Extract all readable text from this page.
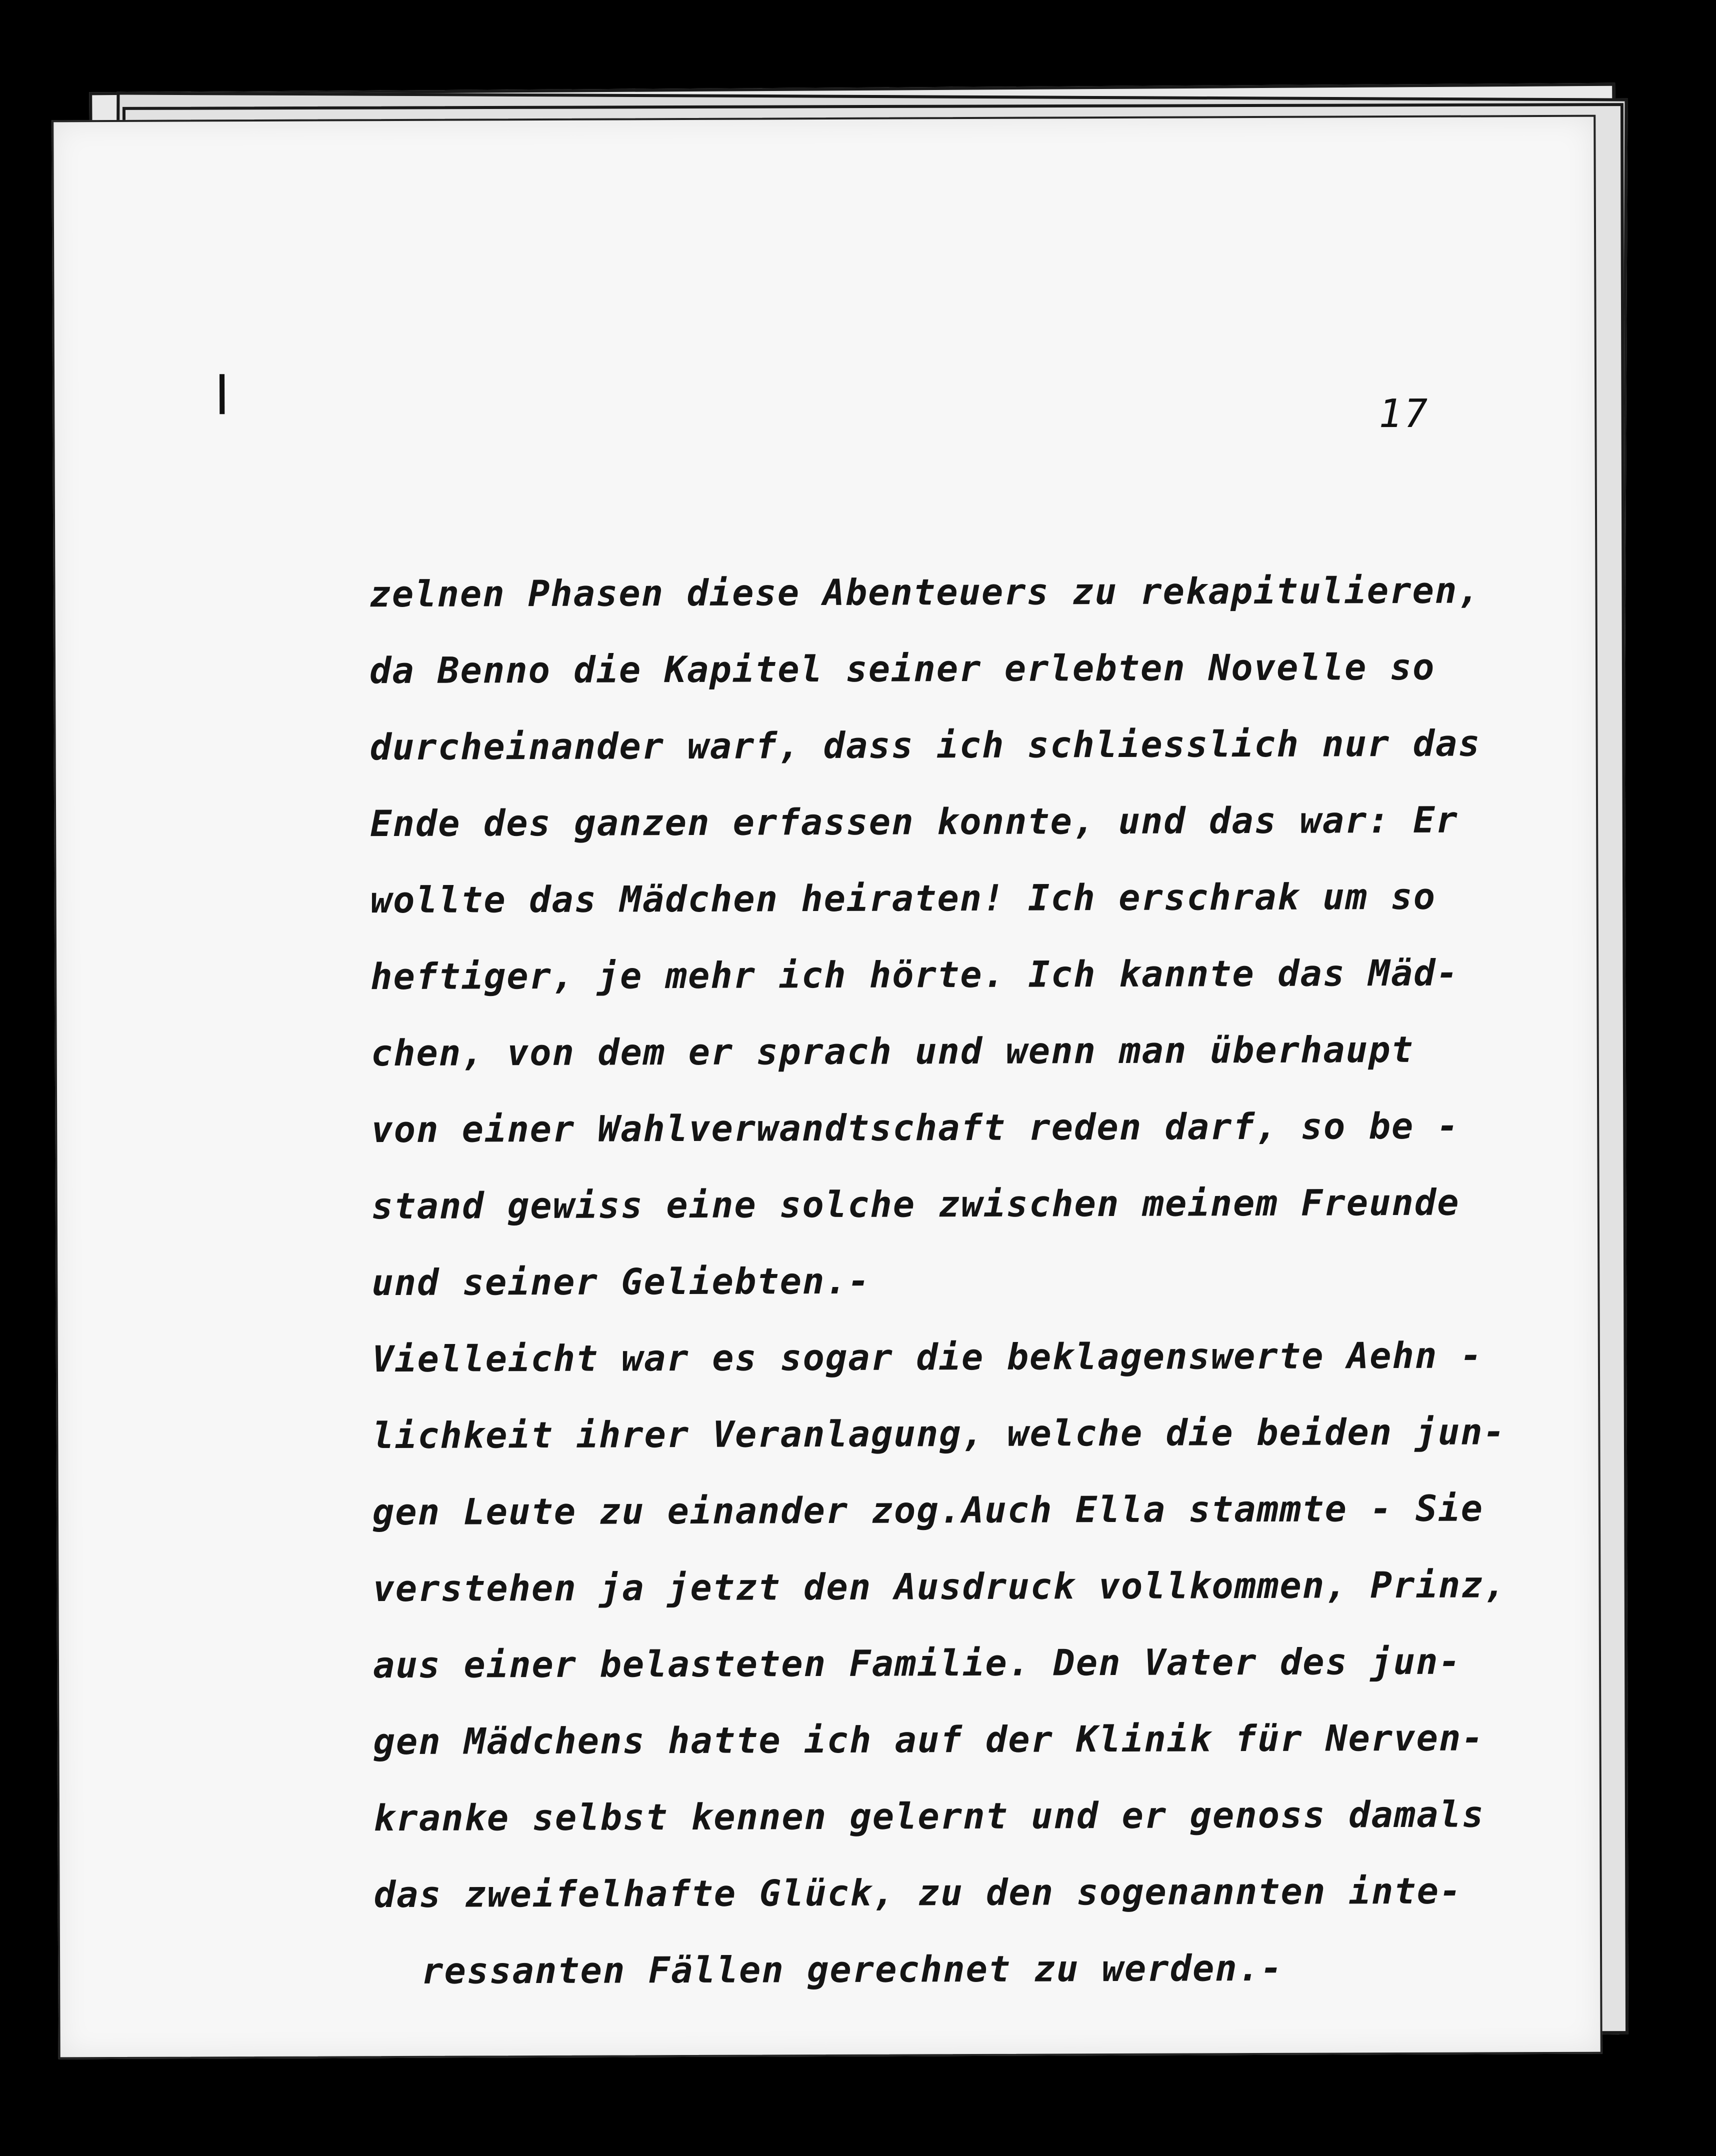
17
zelnen Phasen diese Abenteuers zu rekapitulieren,
da Benno die Kapitel seiner erlebten Novelle so
durcheinander warf, dass ich schliesslich nur das
Ende des ganzen erfassen konnte, und das war: Er
wollte das Mädchen heiraten! Ich erschrak um so
heftiger, je mehr ich hörte. Ich kannte das Mäd-
chen, von dem er sprach und wenn man überhaupt
von einer Wahlverwandtschaft reden darf, so be -
stand gewiss eine solche zwischen meinem Freunde
und seiner Geliebten.-
Vielleicht war es sogar die beklagenswerte Aehn -
lichkeit ihrer Veranlagung, welche die beiden jun-
gen Leute zu einander zog.Auch Ella stammte - Sie
verstehen ja jetzt den Ausdruck vollkommen, Prinz,
aus einer belasteten Familie. Den Vater des jun-
gen Mädchens hatte ich auf der Klinik für Nerven-
kranke selbst kennen gelernt und er genoss damals
das zweifelhafte Glück, zu den sogenannten inte-
ressanten Fällen gerechnet zu werden.-
